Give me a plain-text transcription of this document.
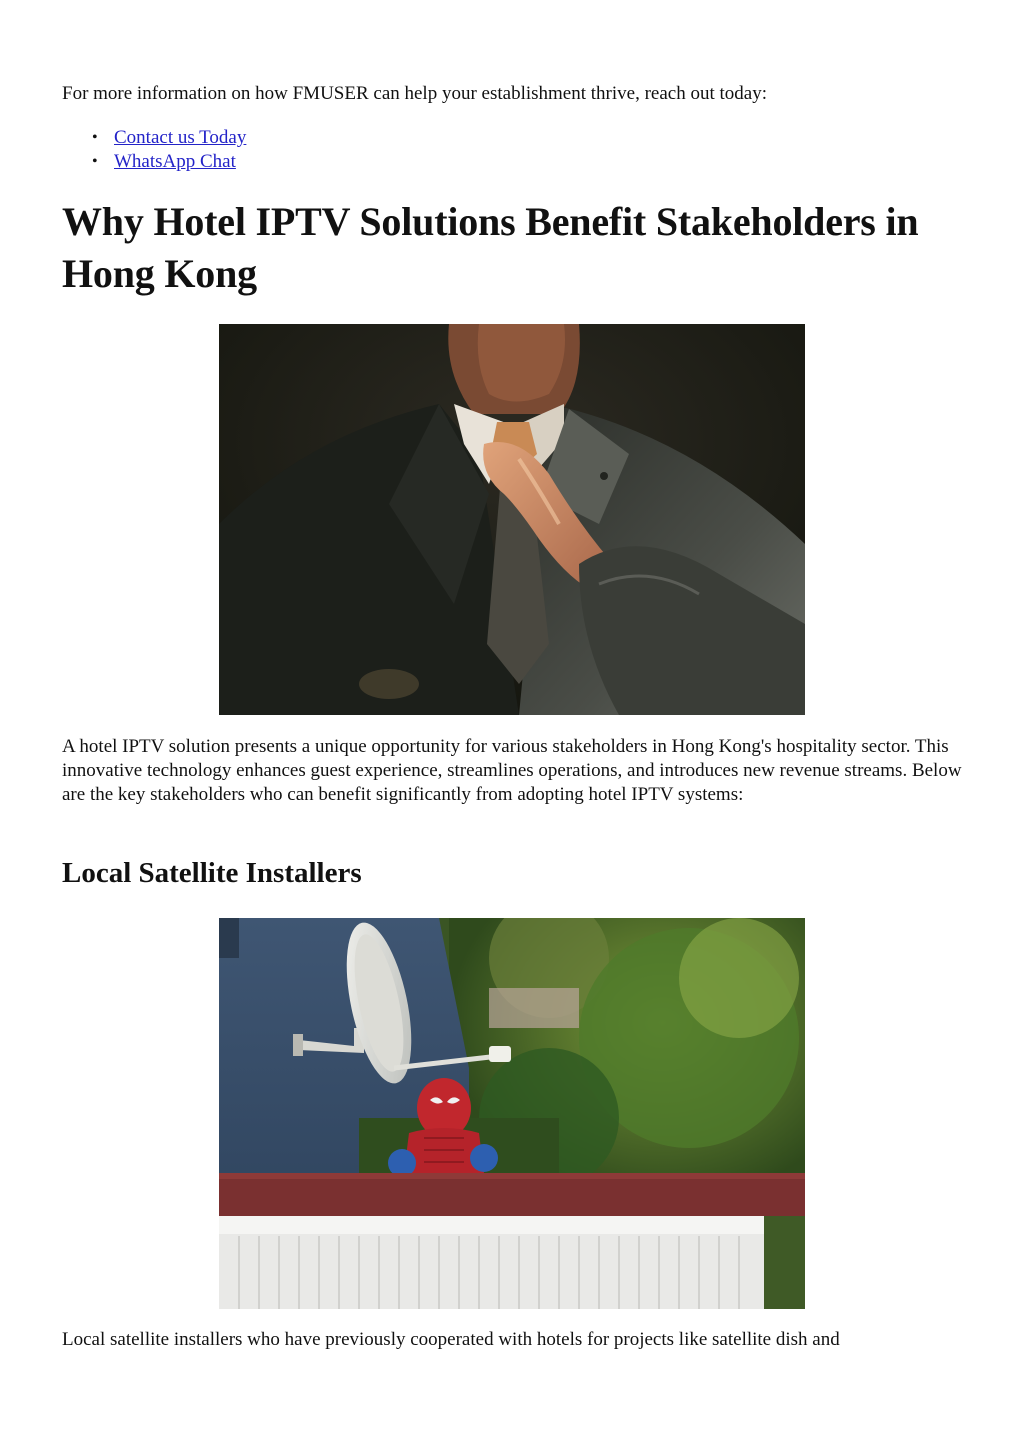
For more information on how FMUSER can help your establishment thrive, reach out today:
• Contact us Today
• WhatsApp Chat
Why Hotel IPTV Solutions Benefit Stakeholders in Hong Kong

A hotel IPTV solution presents a unique opportunity for various stakeholders in Hong Kong's hospitality sector. This innovative technology enhances guest experience, streamlines operations, and introduces new revenue streams. Below are the key stakeholders who can benefit significantly from adopting hotel IPTV systems:

Local Satellite Installers

Local satellite installers who have previously cooperated with hotels for projects like satellite dish and
